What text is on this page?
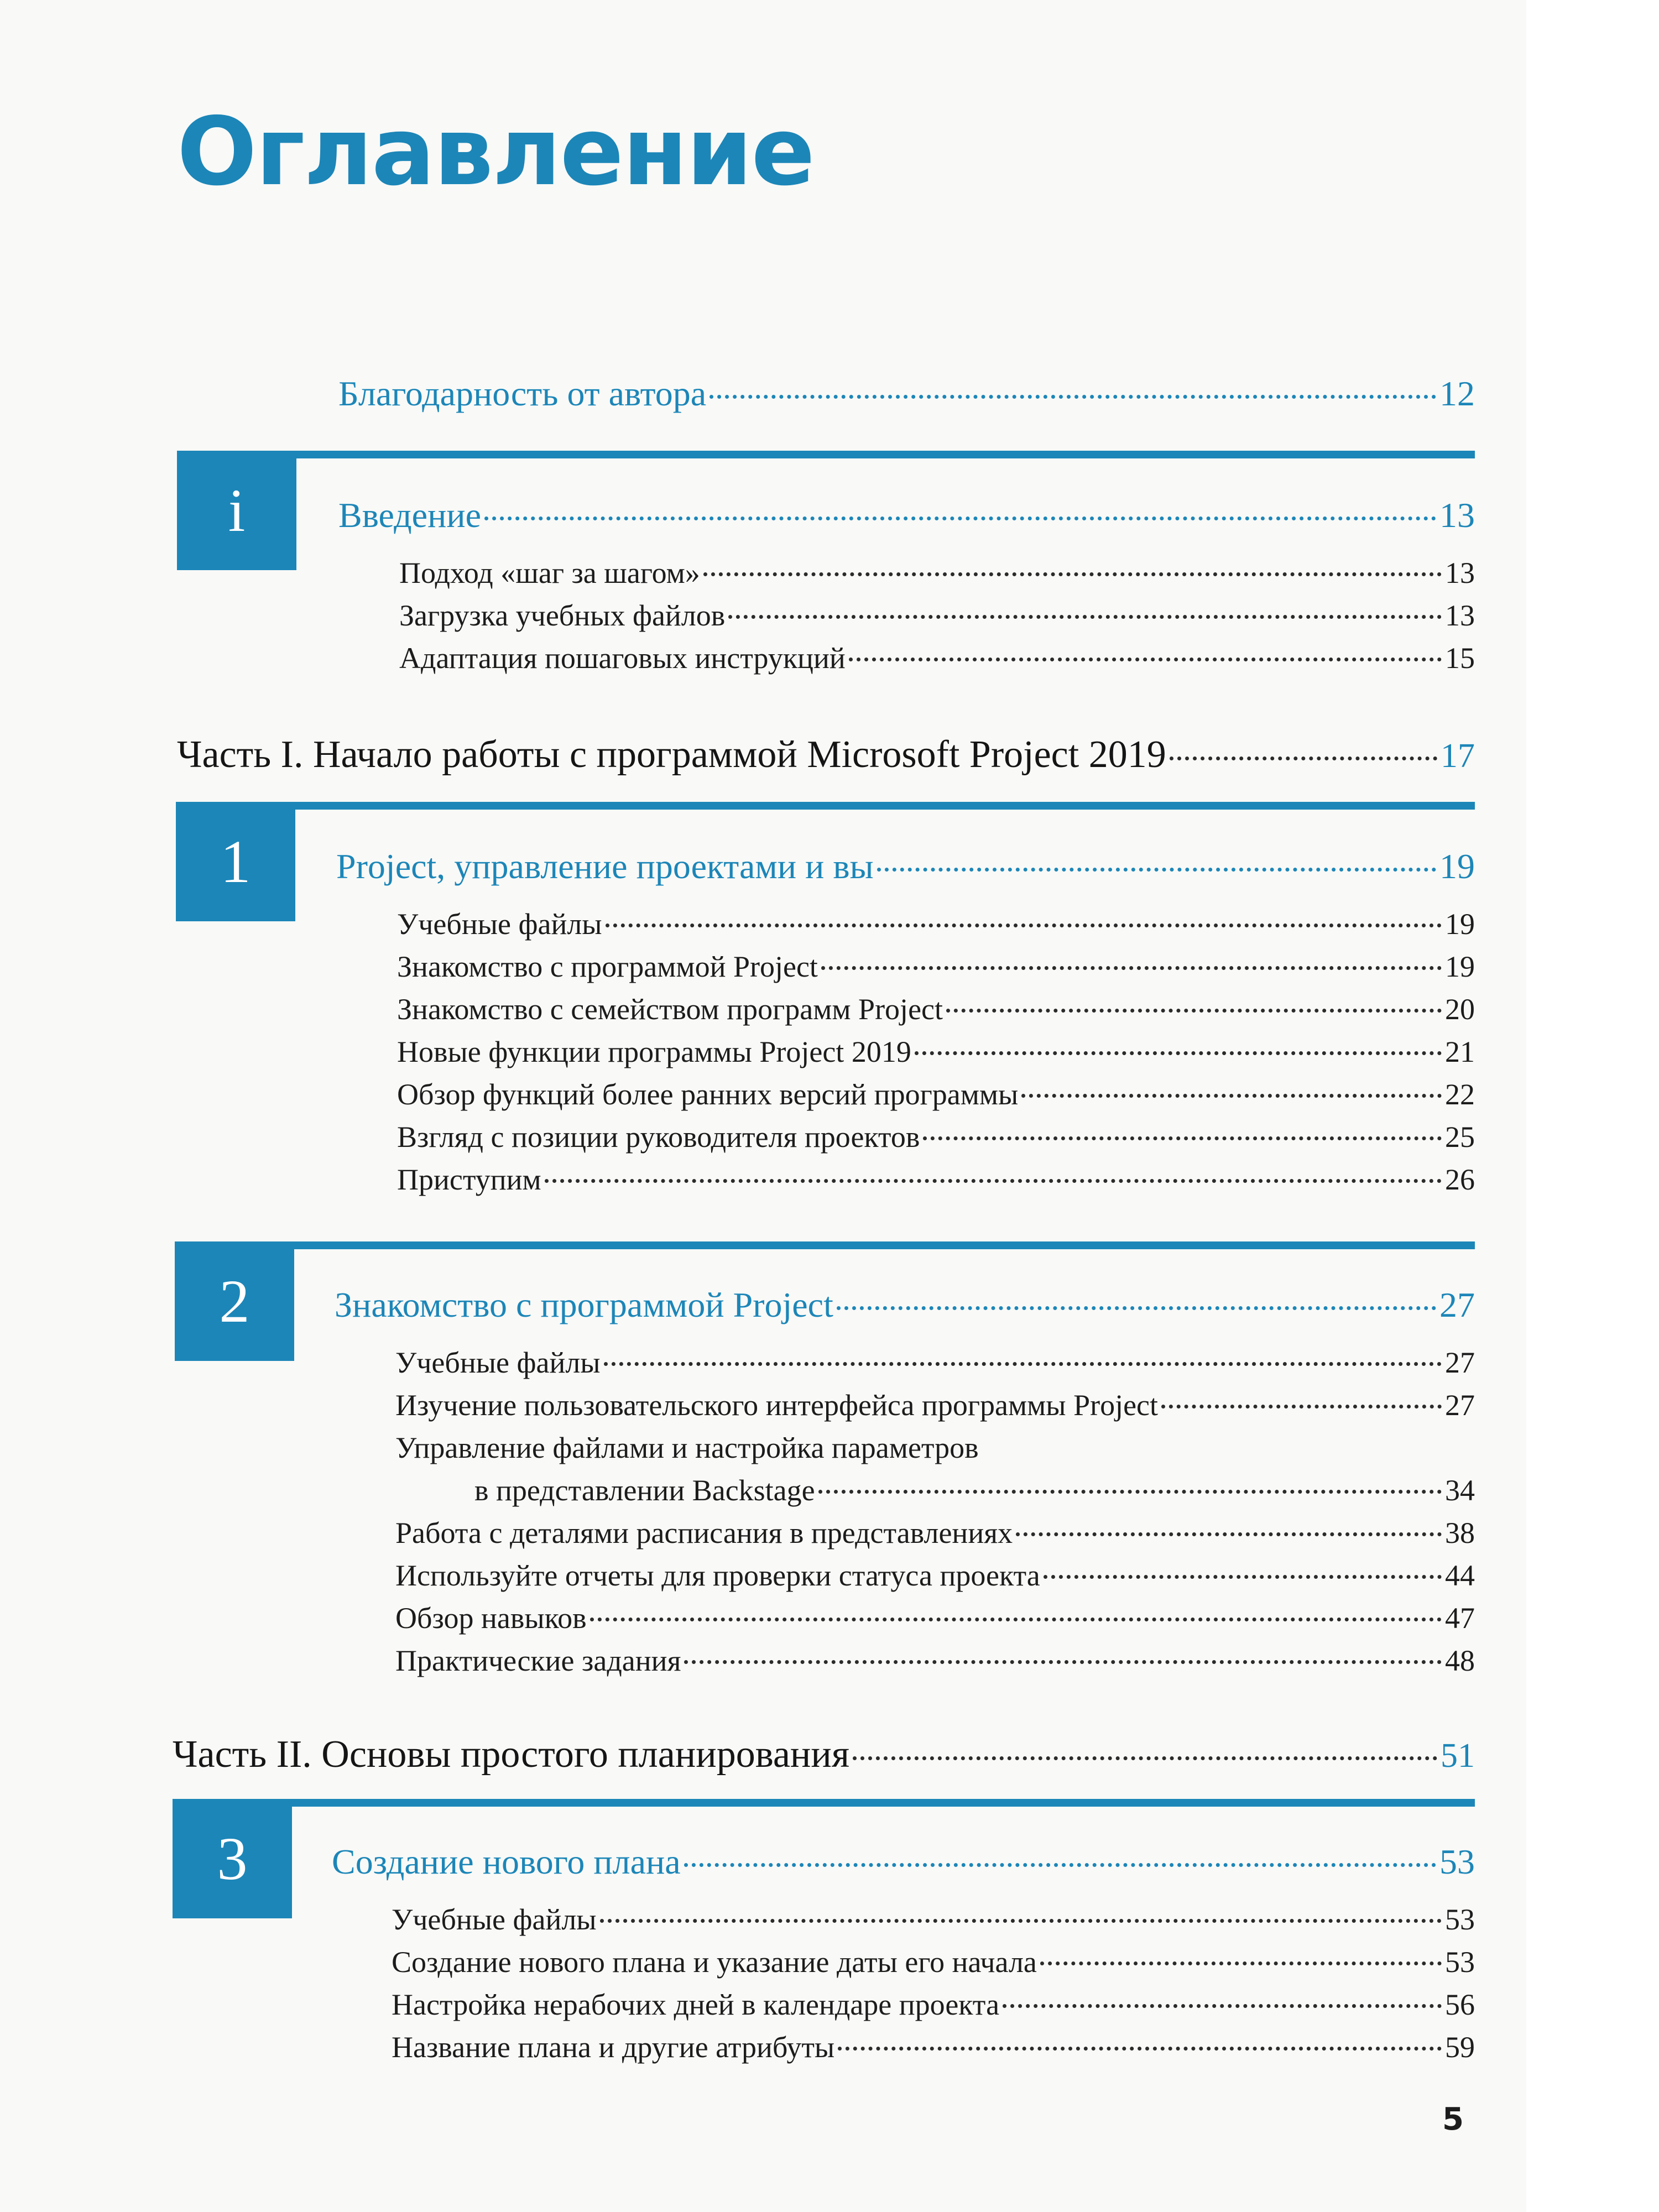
Оглавление
Благодарность от автора	12
i	Введение	13
Подход «шаг за шагом»	13
Загрузка учебных файлов	13
Адаптация пошаговых инструкций	15
Часть I. Начало работы с программой Microsoft Project 2019	17
1	Project, управление проектами и вы	19
Учебные файлы	19
Знакомство с программой Project	19
Знакомство с семейством программ Project	20
Новые функции программы Project 2019	21
Обзор функций более ранних версий программы	22
Взгляд с позиции руководителя проектов	25
Приступим	26
2	Знакомство с программой Project	27
Учебные файлы	27
Изучение пользовательского интерфейса программы Project	27
Управление файлами и настройка параметров
в представлении Backstage	34
Работа с деталями расписания в представлениях	38
Используйте отчеты для проверки статуса проекта	44
Обзор навыков	47
Практические задания	48
Часть II. Основы простого планирования	51
3	Создание нового плана	53
Учебные файлы	53
Создание нового плана и указание даты его начала	53
Настройка нерабочих дней в календаре проекта	56
Название плана и другие атрибуты	59
5
